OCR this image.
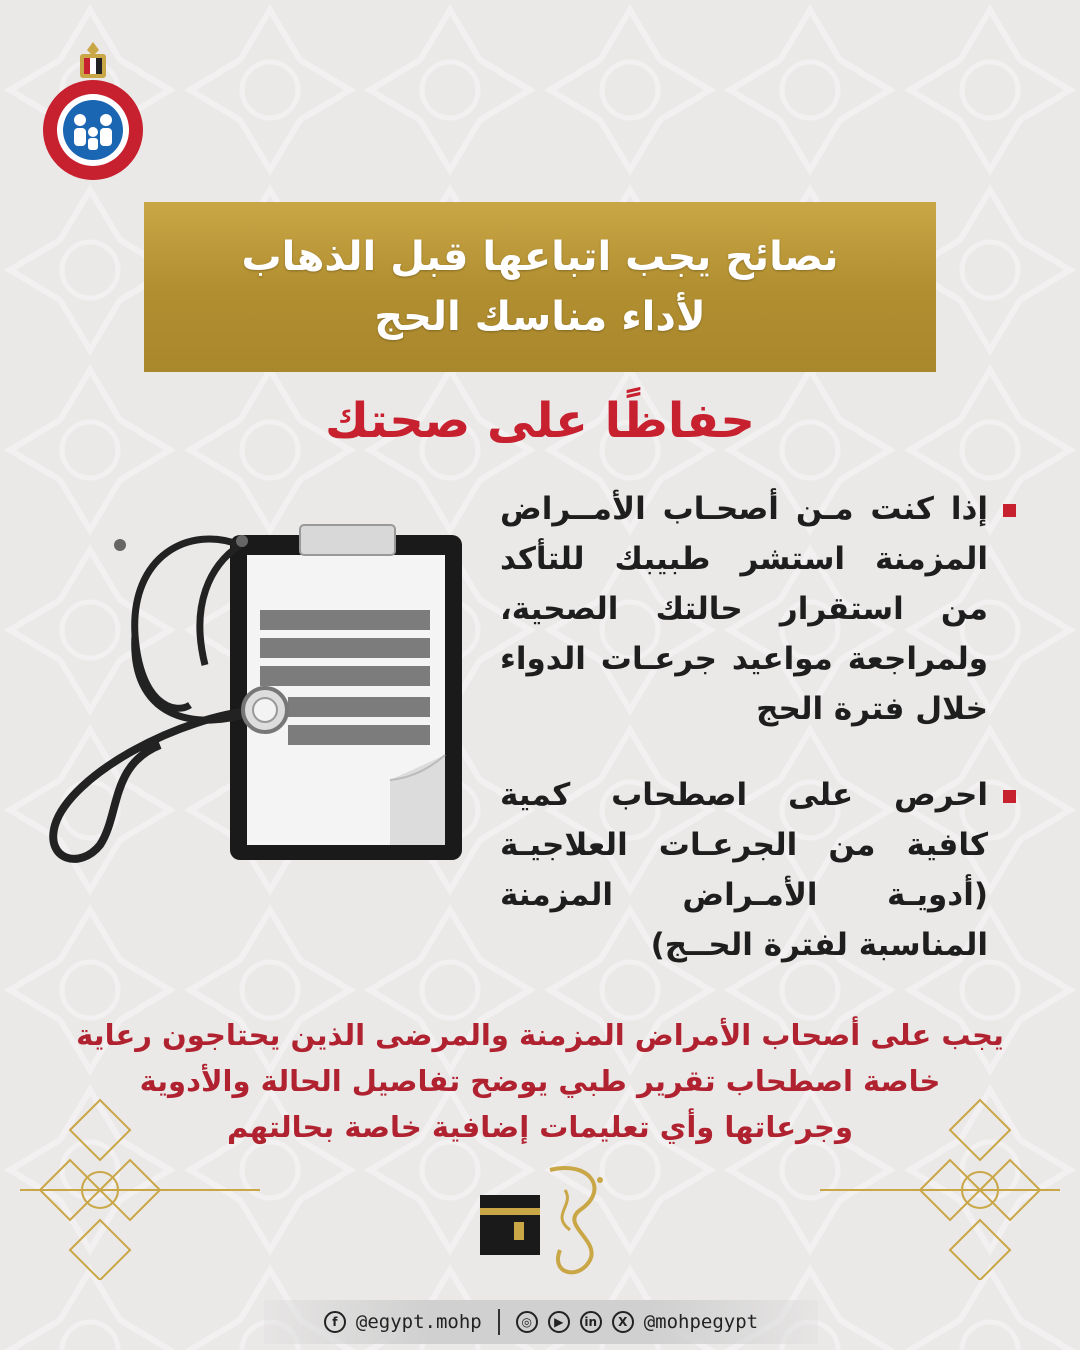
نصائح يجب اتباعها قبل الذهاب
لأداء مناسك الحج
حفاظًا على صحتك
إذا كنت مـن أصحـاب الأمــراض المزمنة استشر طبيبك للتأكد من استقرار حالتك الصحية، ولمراجعة مواعيد جرعـات الدواء خلال فترة الحج
احرص على اصطحاب كمية كافية من الجرعـات العلاجيـة (أدويـة الأمـراض المزمنة المناسبة لفترة الحــج)
يجب على أصحاب الأمراض المزمنة والمرضى الذين يحتاجون رعاية
خاصة اصطحاب تقرير طبي يوضح تفاصيل الحالة والأدوية
وجرعاتها وأي تعليمات إضافية خاصة بحالتهم
f @egypt.mohp	◎	▶	in	X @mohpegypt
